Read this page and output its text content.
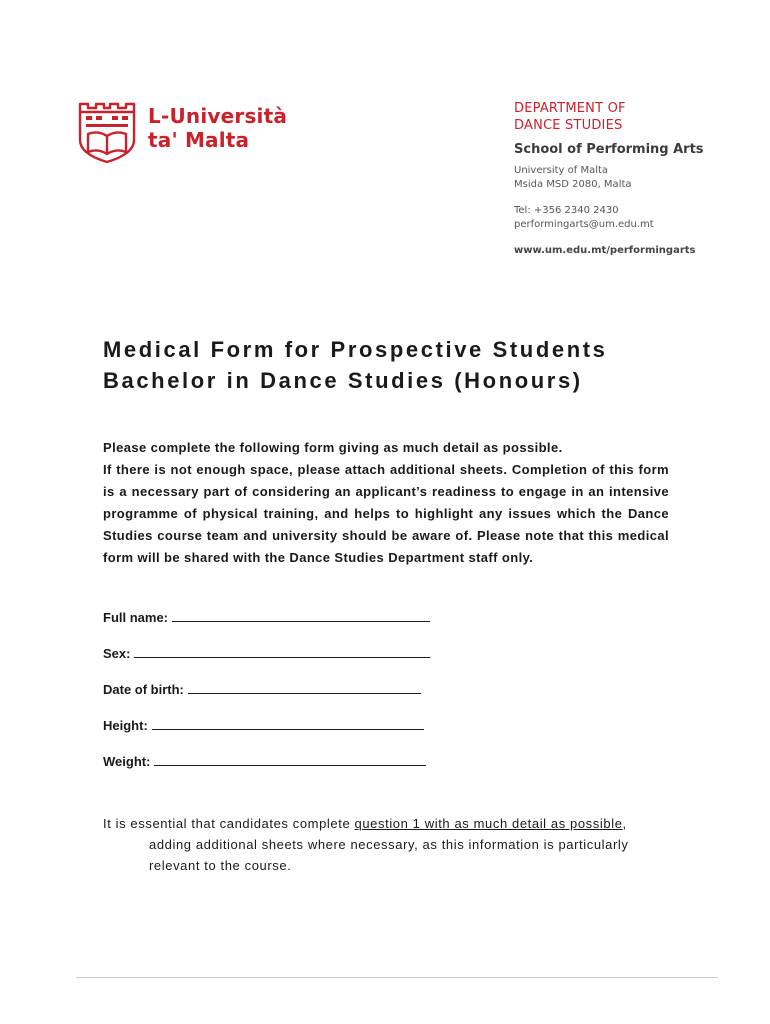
L-Università
ta' Malta
DEPARTMENT OF
DANCE STUDIES
School of Performing Arts
University of Malta
Msida MSD 2080, Malta
Tel: +356 2340 2430
performingarts@um.edu.mt
www.um.edu.mt/performingarts
Medical Form for Prospective Students
Bachelor in Dance Studies (Honours)

Please complete the following form giving as much detail as possible.

If there is not enough space, please attach additional sheets. Completion of this form is a necessary part of considering an applicant’s readiness to engage in an intensive programme of physical training, and helps to highlight any issues which the Dance Studies course team and university should be aware of. Please note that this medical form will be shared with the Dance Studies Department staff only.

Full name:
Sex:
Date of birth:
Height:
Weight:
It is essential that candidates complete question 1 with as much detail as possible,
adding additional sheets where necessary, as this information is particularly
relevant to the course.
